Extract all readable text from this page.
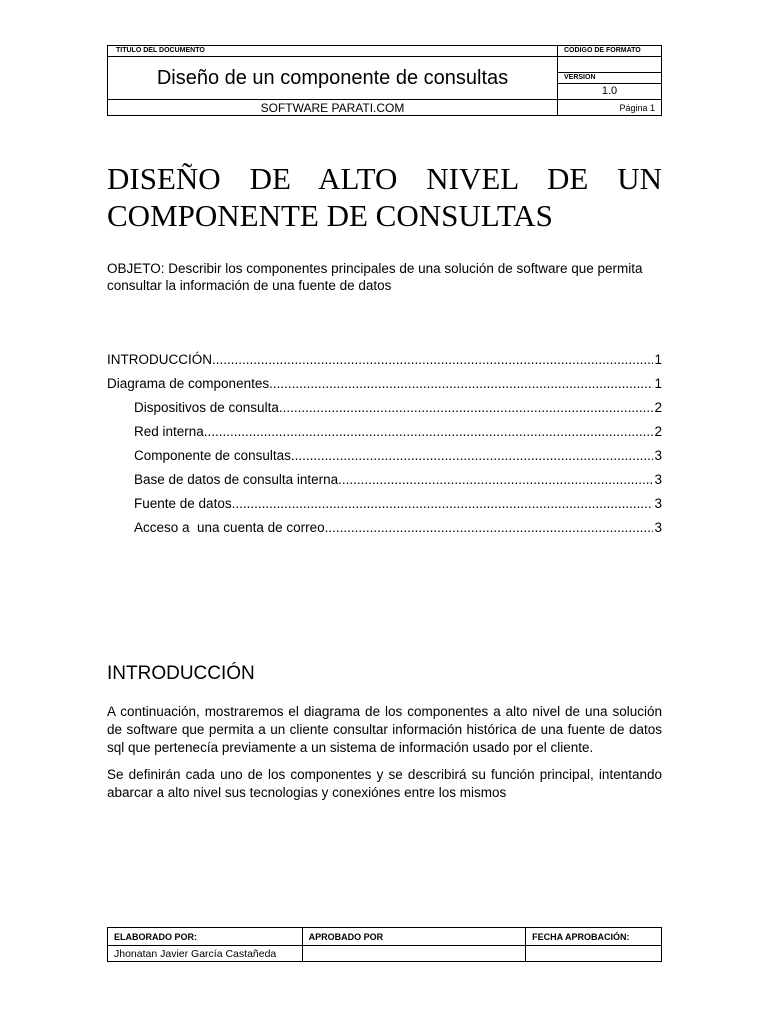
TITULO DEL DOCUMENTO	CODIGO DE FORMATO
Diseño de un componente de consultas	VERSION
1.0
SOFTWARE PARATI.COM	Página 1
DISEÑO DE ALTO NIVEL DE UN COMPONENTE DE CONSULTAS

OBJETO: Describir los componentes principales de una solución de software que permita consultar la información de una fuente de datos

INTRODUCCIÓN .....	1
Diagrama de componentes .....	1
Dispositivos de consulta .....	2
Red interna .....	2
Componente de consultas .....	3
Base de datos de consulta interna .....	3
Fuente de datos .....	3
Acceso a  una cuenta de correo .....	3
INTRODUCCIÓN

A continuación, mostraremos el diagrama de los componentes a alto nivel de una solución de software que permita a un cliente consultar información histórica de una fuente de datos sql que pertenecía previamente a un sistema de información usado por el cliente.

Se definirán cada uno de los componentes y se describirá su función principal, intentando abarcar a alto nivel sus tecnologias y conexiónes entre los mismos

ELABORADO POR:	APROBADO POR	FECHA APROBACIÓN:
Jhonatan Javier García Castañeda		
